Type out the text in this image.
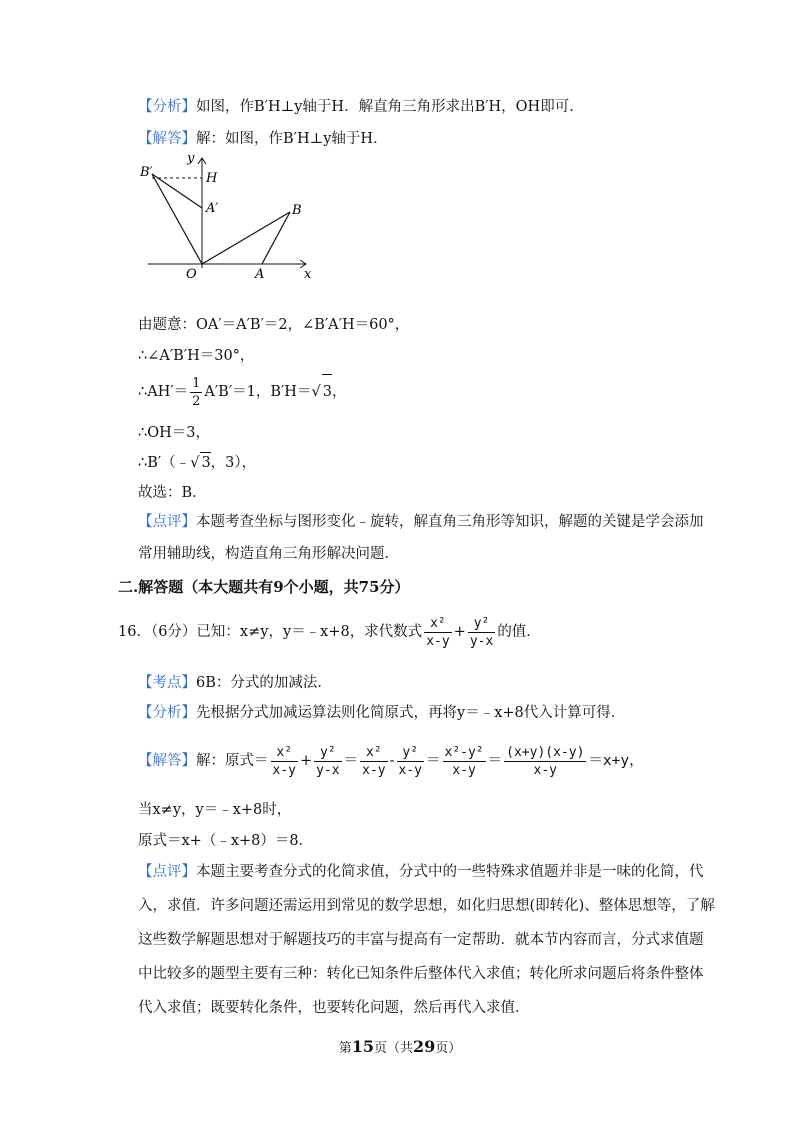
【分析】如图，作B′H⊥y轴于H．解直角三角形求出B′H，OH即可．
【解答】解：如图，作B′H⊥y轴于H．
y
H
B′
A′	B
O	A	x
由题意：OA′＝A′B′＝2，∠B′A′H＝60°，
∴∠A′B′H＝30°，
∴AH′＝ $\frac{1}{2} A'B'=1$，B′H＝√ 3，
∴OH＝3，
∴B′（﹣√ 3，3），
故选：B．
【点评】本题考查坐标与图形变化﹣旋转，解直角三角形等知识，解题的关键是学会添加
常用辅助线，构造直角三角形解决问题．
二.解答题（本大题共有9个小题，共75分）
16．（6分）已知：x≠y，y＝﹣x+8，求代数式 $\frac{\text{x²}}{x-y} + \frac{\text{y²}}{y-x}$ 的值．
【考点】6B：分式的加减法．
【分析】先根据分式加减运算法则化简原式，再将y＝﹣x+8代入计算可得．
【解答】解：原式＝ $\frac{\text{x²}}{x-y} + \frac{\text{y²}}{y-x} = \frac{\text{x²}}{x-y} - \frac{\text{y²}}{x-y} = \frac{\text{x²-y²}}{x-y} = \frac{(x+y)(x-y)}{x-y} =x+y$，
当x≠y，y＝﹣x+8时，
原式＝x+（﹣x+8）＝8．
【点评】本题主要考查分式的化简求值，分式中的一些特殊求值题并非是一味的化简，代
入，求值．许多问题还需运用到常见的数学思想，如化归思想(即转化)、整体思想等，了解
这些数学解题思想对于解题技巧的丰富与提高有一定帮助．就本节内容而言，分式求值题
中比较多的题型主要有三种：转化已知条件后整体代入求值；转化所求问题后将条件整体
代入求值；既要转化条件，也要转化问题，然后再代入求值．
第15页（共29页）
